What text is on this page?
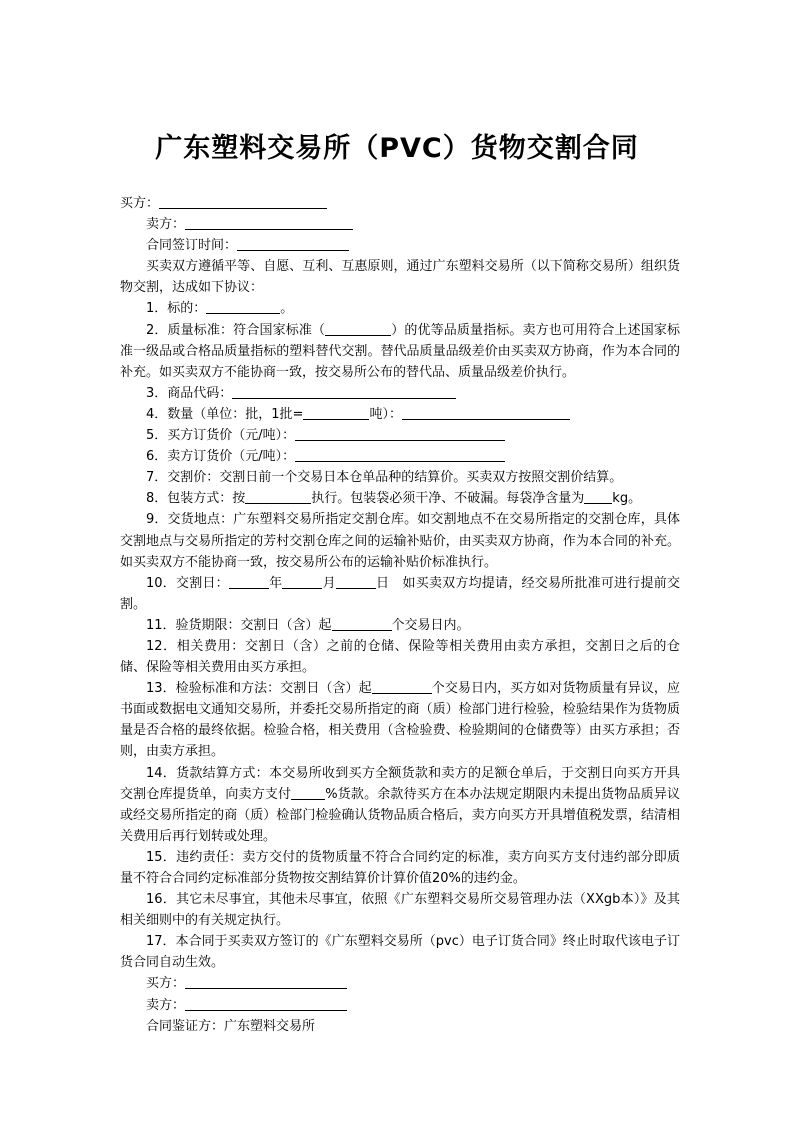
广东塑料交易所（PVC）货物交割合同
买方：
卖方：
合同签订时间：
买卖双方遵循平等、自愿、互利、互惠原则，通过广东塑料交易所（以下简称交易所）组织货物交割，达成如下协议：
1．标的：	。
2．质量标准：符合国家标准（	）的优等品质量指标。卖方也可用符合上述国家标准一级品或合格品质量指标的塑料替代交割。替代品质量品级差价由买卖双方协商，作为本合同的补充。如买卖双方不能协商一致，按交易所公布的替代品、质量品级差价执行。
3．商品代码：
4．数量（单位：批，1批=	吨）：
5．买方订货价（元/吨）：
6．卖方订货价（元/吨）：
7．交割价：交割日前一个交易日本仓单品种的结算价。买卖双方按照交割价结算。
8．包装方式：按	执行。包装袋必须干净、不破漏。每袋净含量为 kg。
9．交货地点：广东塑料交易所指定交割仓库。如交割地点不在交易所指定的交割仓库，具体交割地点与交易所指定的芳村交割仓库之间的运输补贴价，由买卖双方协商，作为本合同的补充。如买卖双方不能协商一致，按交易所公布的运输补贴价标准执行。
10．交割日：	年	月	日　如买卖双方均提请，经交易所批准可进行提前交割。
11．验货期限：交割日（含）起	个交易日内。
12．相关费用：交割日（含）之前的仓储、保险等相关费用由卖方承担，交割日之后的仓储、保险等相关费用由买方承担。
13．检验标准和方法：交割日（含）起	个交易日内，买方如对货物质量有异议，应书面或数据电文通知交易所，并委托交易所指定的商（质）检部门进行检验，检验结果作为货物质量是否合格的最终依据。检验合格，相关费用（含检验费、检验期间的仓储费等）由买方承担；否则，由卖方承担。
14．货款结算方式：本交易所收到买方全额货款和卖方的足额仓单后，于交割日向买方开具交割仓库提货单，向卖方支付	%货款。余款待买方在本办法规定期限内未提出货物品质异议或经交易所指定的商（质）检部门检验确认货物品质合格后，卖方向买方开具增值税发票，结清相关费用后再行划转或处理。
15．违约责任：卖方交付的货物质量不符合合同约定的标准，卖方向买方支付违约部分即质量不符合合同约定标准部分货物按交割结算价计算价值20%的违约金。
16．其它未尽事宜，其他未尽事宜，依照《广东塑料交易所交易管理办法（XXgb本）》及其相关细则中的有关规定执行。
17．本合同于买卖双方签订的《广东塑料交易所（pvc）电子订货合同》终止时取代该电子订货合同自动生效。
买方：
卖方：
合同鉴证方：广东塑料交易所
